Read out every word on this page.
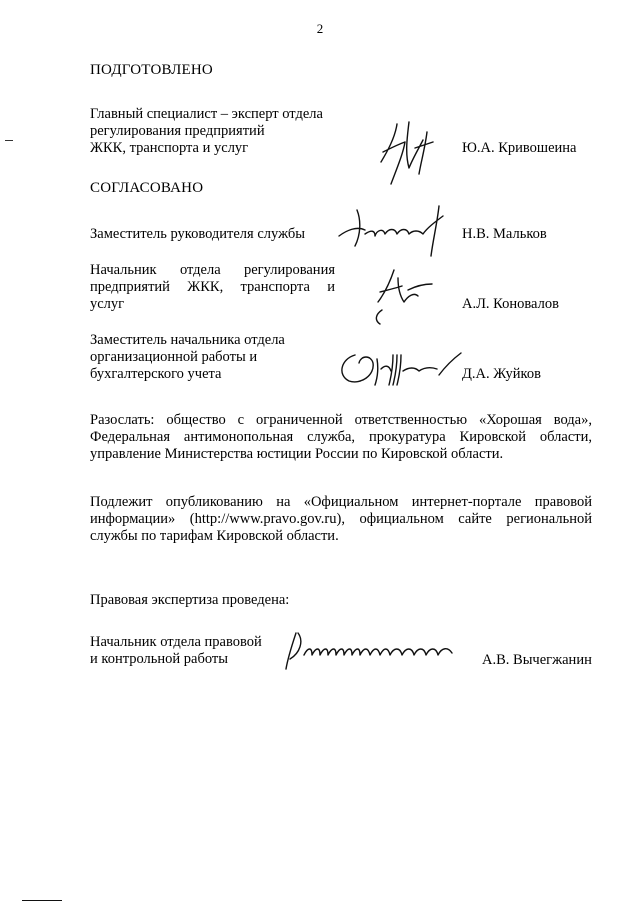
2
ПОДГОТОВЛЕНО
Главный специалист – эксперт отдела
регулирования предприятий
ЖКК, транспорта и услуг	Ю.А. Кривошеина
СОГЛАСОВАНО
Заместитель руководителя службы	Н.В. Мальков
Начальник отдела регулирования
предприятий ЖКК, транспорта и
услуг	А.Л. Коновалов
Заместитель начальника отдела
организационной работы и
бухгалтерского учета	Д.А. Жуйков
Разослать: общество с ограниченной ответственностью «Хорошая вода», Федеральная антимонопольная служба, прокуратура Кировской области, управление Министерства юстиции России по Кировской области.
Подлежит опубликованию на «Официальном интернет-портале правовой информации» (http://www.pravo.gov.ru), официальном сайте региональной службы по тарифам Кировской области.
Правовая экспертиза проведена:
Начальник отдела правовой
и контрольной работы	А.В. Вычегжанин
